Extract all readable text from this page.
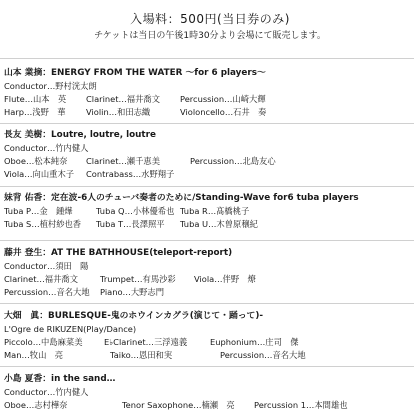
入場料：500円(当日券のみ)
チケットは当日の午後1時30分より会場にて販売します。
山本 業摘：ENERGY FROM THE WATER ～for 6 players～
Conductor…野村洸太朗
Flute…山本　英 Clarinet…福井喬文 Percussion…山崎大輝
Harp…浅野　華 Violin…和田志織	Violoncello…石井　奏
長友 美樹：Loutre, loutre, loutre
Conductor…竹内健人
Oboe…松本純奈 Clarinet…瀬千恵美	Percussion…北島友心
Viola…向山重木子 Contrabass…水野翔子
妹背 佑香：定在波-6人のチューバ奏者のために/Standing-Wave for6 tuba players
Tuba P…金　鍾燁	Tuba Q…小林優希也 Tuba R…髙橋桃子
Tuba S…植村紗也香 Tuba T…長澤照平 Tuba U…木曽原穣紀
藤井 登生：AT THE BATHHOUSE(teleport-report)
Conductor…須田　陽
Clarinet…福井喬文	Trumpet…有馬沙彩 Viola…伴野　燎
Percussion…音名大地 Piano…大野志門
大畑　眞：BURLESQUE-鬼のホウインカグラ(演じて・踊って)-
L'Ogre de RIKUZEN(Play/Dance)
Piccolo…中島麻菜美	E♭Clarinet…三浮遠義	Euphonium…庄司　傑
Man…牧山　亮	Taiko…恩田和実	Percussion…音名大地
小島 夏香：in the sand…
Conductor…竹内健人
Oboe…志村樺奈	Tenor Saxophone…楠瀬　亮 Percussion 1…本間雄也
